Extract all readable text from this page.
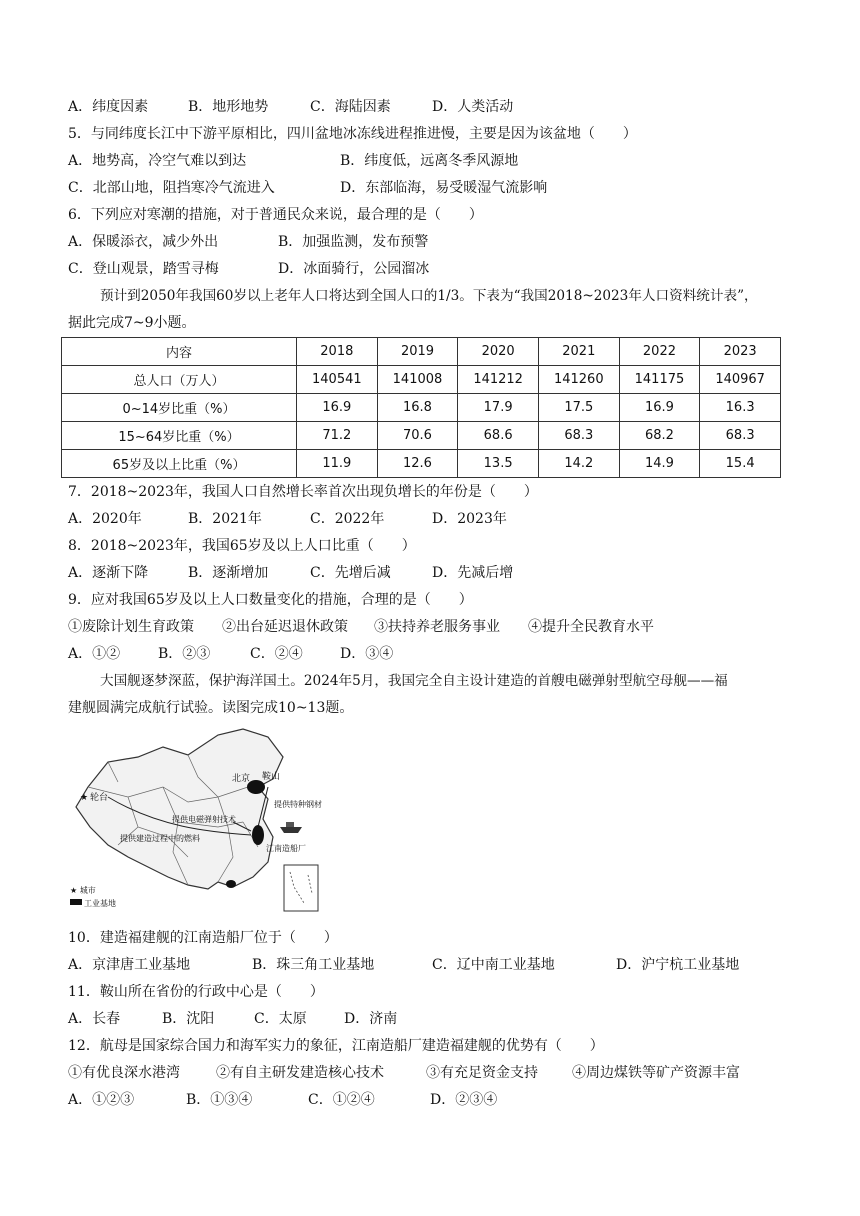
A．纬度因素	B．地形地势	C．海陆因素	D．人类活动
5．与同纬度长江中下游平原相比，四川盆地冰冻线进程推进慢，主要是因为该盆地（　　）
A．地势高，冷空气难以到达	B．纬度低，远离冬季风源地
C．北部山地，阻挡寒冷气流进入	D．东部临海，易受暖湿气流影响
6．下列应对寒潮的措施，对于普通民众来说，最合理的是（　　）
A．保暖添衣，减少外出	B．加强监测，发布预警
C．登山观景，踏雪寻梅	D．冰面骑行，公园溜冰
预计到2050年我国60岁以上老年人口将达到全国人口的1/3。下表为“我国2018~2023年人口资料统计表”，
据此完成7~9小题。
内容	2018	2019	2020	2021	2022	2023
总人口（万人）	140541	141008	141212	141260	141175	140967
0~14岁比重（%）	16.9	16.8	17.9	17.5	16.9	16.3
15~64岁比重（%）	71.2	70.6	68.6	68.3	68.2	68.3
65岁及以上比重（%）	11.9	12.6	13.5	14.2	14.9	15.4
7．2018~2023年，我国人口自然增长率首次出现负增长的年份是（　　）
A．2020年	B．2021年	C．2022年	D．2023年
8．2018~2023年，我国65岁及以上人口比重（　　）
A．逐渐下降	B．逐渐增加	C．先增后减	D．先减后增
9．应对我国65岁及以上人口数量变化的措施，合理的是（　　）
①废除计划生育政策 ②出台延迟退休政策 ③扶持养老服务事业 ④提升全民教育水平
A．①②	B．②③	C．②④	D．③④
大国舰逐梦深蓝，保护海洋国土。2024年5月，我国完全自主设计建造的首艘电磁弹射型航空母舰——福
建舰圆满完成航行试验。读图完成10~13题。
★ 轮台
北京 鞍山
提供特种钢材
提供电磁弹射技术
提供建造过程中的燃料
江南造船厂
★ 城市
工业基地
10．建造福建舰的江南造船厂位于（　　）
A．京津唐工业基地	B．珠三角工业基地	C．辽中南工业基地	D．沪宁杭工业基地
11．鞍山所在省份的行政中心是（　　）
A．长春	B．沈阳	C．太原	D．济南
12．航母是国家综合国力和海军实力的象征，江南造船厂建造福建舰的优势有（　　）
①有优良深水港湾	②有自主研发建造核心技术	③有充足资金支持 ④周边煤铁等矿产资源丰富
A．①②③	B．①③④	C．①②④	D．②③④
